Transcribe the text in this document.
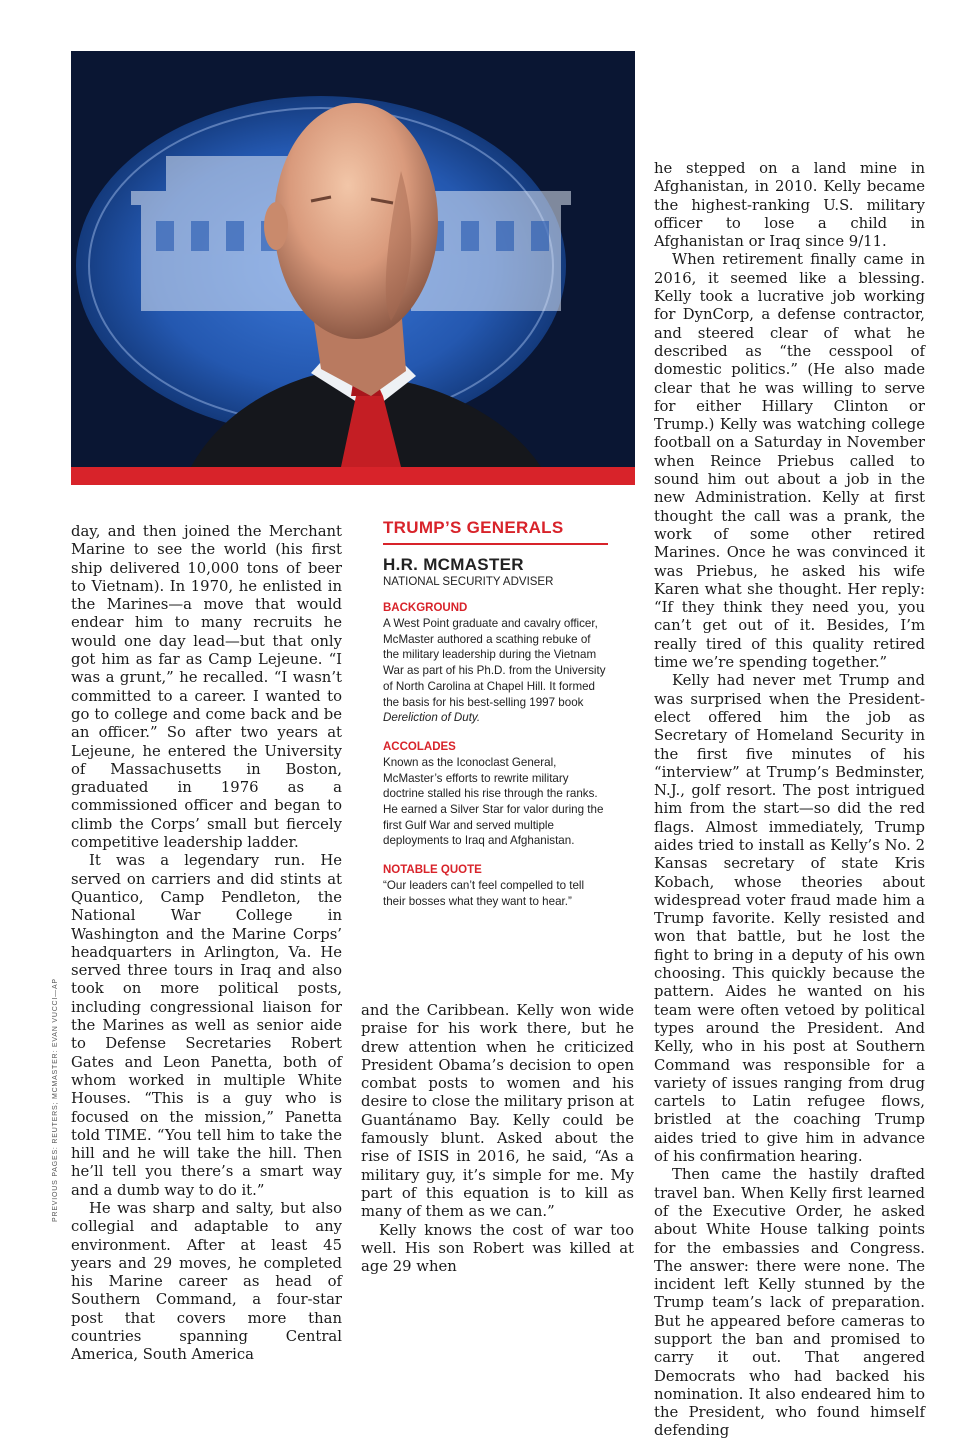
day, and then joined the Merchant Marine to see the world (his first ship delivered 10,000 tons of beer to Vietnam). In 1970, he enlisted in the Marines—a move that would endear him to many recruits he would one day lead—but that only got him as far as Camp Lejeune. “I was a grunt,” he recalled. “I wasn’t committed to a career. I wanted to go to college and come back and be an officer.” So after two years at Lejeune, he entered the University of Massachusetts in Boston, graduated in 1976 as a commissioned officer and began to climb the Corps’ small but fiercely competitive leadership ladder.

It was a legendary run. He served on carriers and did stints at Quantico, Camp Pendleton, the National War College in Washington and the Marine Corps’ headquarters in Arlington, Va. He served three tours in Iraq and also took on more political posts, including congressional liaison for the Marines as well as senior aide to Defense Secretaries Robert Gates and Leon Panetta, both of whom worked in multiple White Houses. “This is a guy who is focused on the mission,” Panetta told TIME. “You tell him to take the hill and he will take the hill. Then he’ll tell you there’s a smart way and a dumb way to do it.”

He was sharp and salty, but also collegial and adaptable to any environment. After at least 45 years and 29 moves, he completed his Marine career as head of Southern Command, a four-star post that covers more than countries spanning Central America, South America

TRUMP’S GENERALS
H.R. MCMASTER
NATIONAL SECURITY ADVISER
BACKGROUND
A West Point graduate and cavalry officer, McMaster authored a scathing rebuke of the military leadership during the Vietnam War as part of his Ph.D. from the University of North Carolina at Chapel Hill. It formed the basis for his best-selling 1997 book Dereliction of Duty.
ACCOLADES
Known as the Iconoclast General, McMaster’s efforts to rewrite military doctrine stalled his rise through the ranks. He earned a Silver Star for valor during the first Gulf War and served multiple deployments to Iraq and Afghanistan.
NOTABLE QUOTE
“Our leaders can’t feel compelled to tell their bosses what they want to hear.”

and the Caribbean. Kelly won wide praise for his work there, but he drew attention when he criticized President Obama’s decision to open combat posts to women and his desire to close the military prison at Guantánamo Bay. Kelly could be famously blunt. Asked about the rise of ISIS in 2016, he said, “As a military guy, it’s simple for me. My part of this equation is to kill as many of them as we can.”

Kelly knows the cost of war too well. His son Robert was killed at age 29 when

he stepped on a land mine in Afghanistan, in 2010. Kelly became the highest-ranking U.S. military officer to lose a child in Afghanistan or Iraq since 9/11.

When retirement finally came in 2016, it seemed like a blessing. Kelly took a lucrative job working for DynCorp, a defense contractor, and steered clear of what he described as “the cesspool of domestic politics.” (He also made clear that he was willing to serve for either Hillary Clinton or Trump.) Kelly was watching college football on a Saturday in November when Reince Priebus called to sound him out about a job in the new Administration. Kelly at first thought the call was a prank, the work of some other retired Marines. Once he was convinced it was Priebus, he asked his wife Karen what she thought. Her reply: “If they think they need you, you can’t get out of it. Besides, I’m really tired of this quality retired time we’re spending together.”

Kelly had never met Trump and was surprised when the President-elect offered him the job as Secretary of Homeland Security in the first five minutes of his “interview” at Trump’s Bedminster, N.J., golf resort. The post intrigued him from the start—so did the red flags. Almost immediately, Trump aides tried to install as Kelly’s No. 2 Kansas secretary of state Kris Kobach, whose theories about widespread voter fraud made him a Trump favorite. Kelly resisted and won that battle, but he lost the fight to bring in a deputy of his own choosing. This quickly because the pattern. Aides he wanted on his team were often vetoed by political types around the President. And Kelly, who in his post at Southern Command was responsible for a variety of issues ranging from drug cartels to Latin refugee flows, bristled at the coaching Trump aides tried to give him in advance of his confirmation hearing.

Then came the hastily drafted travel ban. When Kelly first learned of the Executive Order, he asked about White House talking points for the embassies and Congress. The answer: there were none. The incident left Kelly stunned by the Trump team’s lack of preparation. But he appeared before cameras to support the ban and promised to carry it out. That angered Democrats who had backed his nomination. It also endeared him to the President, who found himself defending

PREVIOUS PAGES: REUTERS; MCMASTER: EVAN VUCCI—AP
